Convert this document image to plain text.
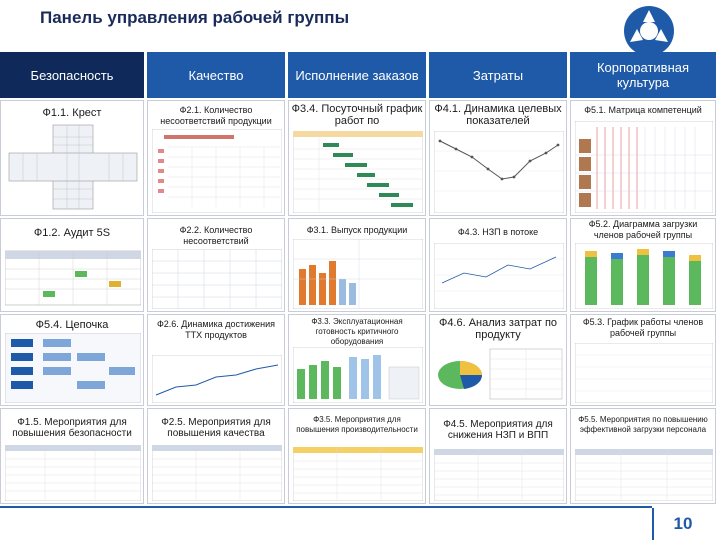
Панель управления рабочей группы
Безопасность	Качество	Исполнение заказов	Затраты	Корпоративная культура
Ф1.1. Крест
Ф1.2. Аудит 5S
Ф5.4. Цепочка
Ф1.5. Мероприятия для повышения безопасности
Ф2.1. Количество несоответствий продукции
Ф2.2. Количество несоответствий
Ф2.6. Динамика достижения ТТХ продуктов
Ф2.5. Мероприятия для повышения качества
Ф3.4. Посуточный график работ по
Ф3.1. Выпуск продукции
Ф3.3. Эксплуатационная готовность критичного оборудования
Ф3.5. Мероприятия для повышения производительности
Ф4.1. Динамика целевых показателей
Ф4.3. НЗП в потоке
Ф4.6. Анализ затрат по продукту
Ф4.5. Мероприятия для снижения НЗП и ВПП
Ф5.1. Матрица компетенций
Ф5.2. Диаграмма загрузки членов рабочей группы
Ф5.3. График работы членов рабочей группы
Ф5.5. Мероприятия по повышению эффективной загрузки персонала
10
